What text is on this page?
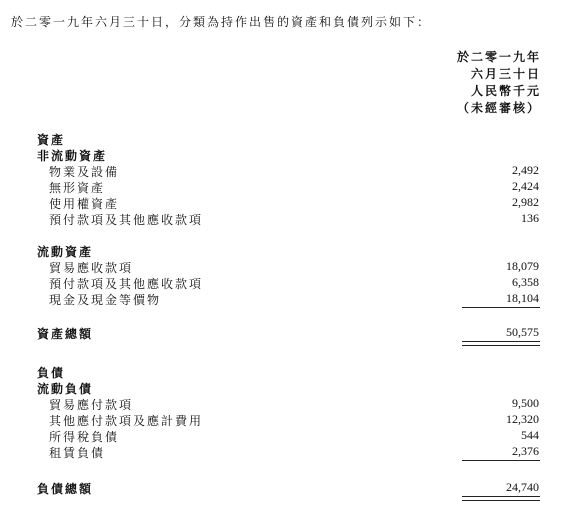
於二零一九年六月三十日，分類為持作出售的資產和負債列示如下：
於二零一九年
六月三十日
人民幣千元
（未經審核）
資產
非流動資產
物業及設備	2,492
無形資產	2,424
使用權資產	2,982
預付款項及其他應收款項	136
流動資產
貿易應收款項	18,079
預付款項及其他應收款項	6,358
現金及現金等價物	18,104
資產總額	50,575
負債
流動負債
貿易應付款項	9,500
其他應付款項及應計費用	12,320
所得稅負債	544
租賃負債	2,376
負債總額	24,740
